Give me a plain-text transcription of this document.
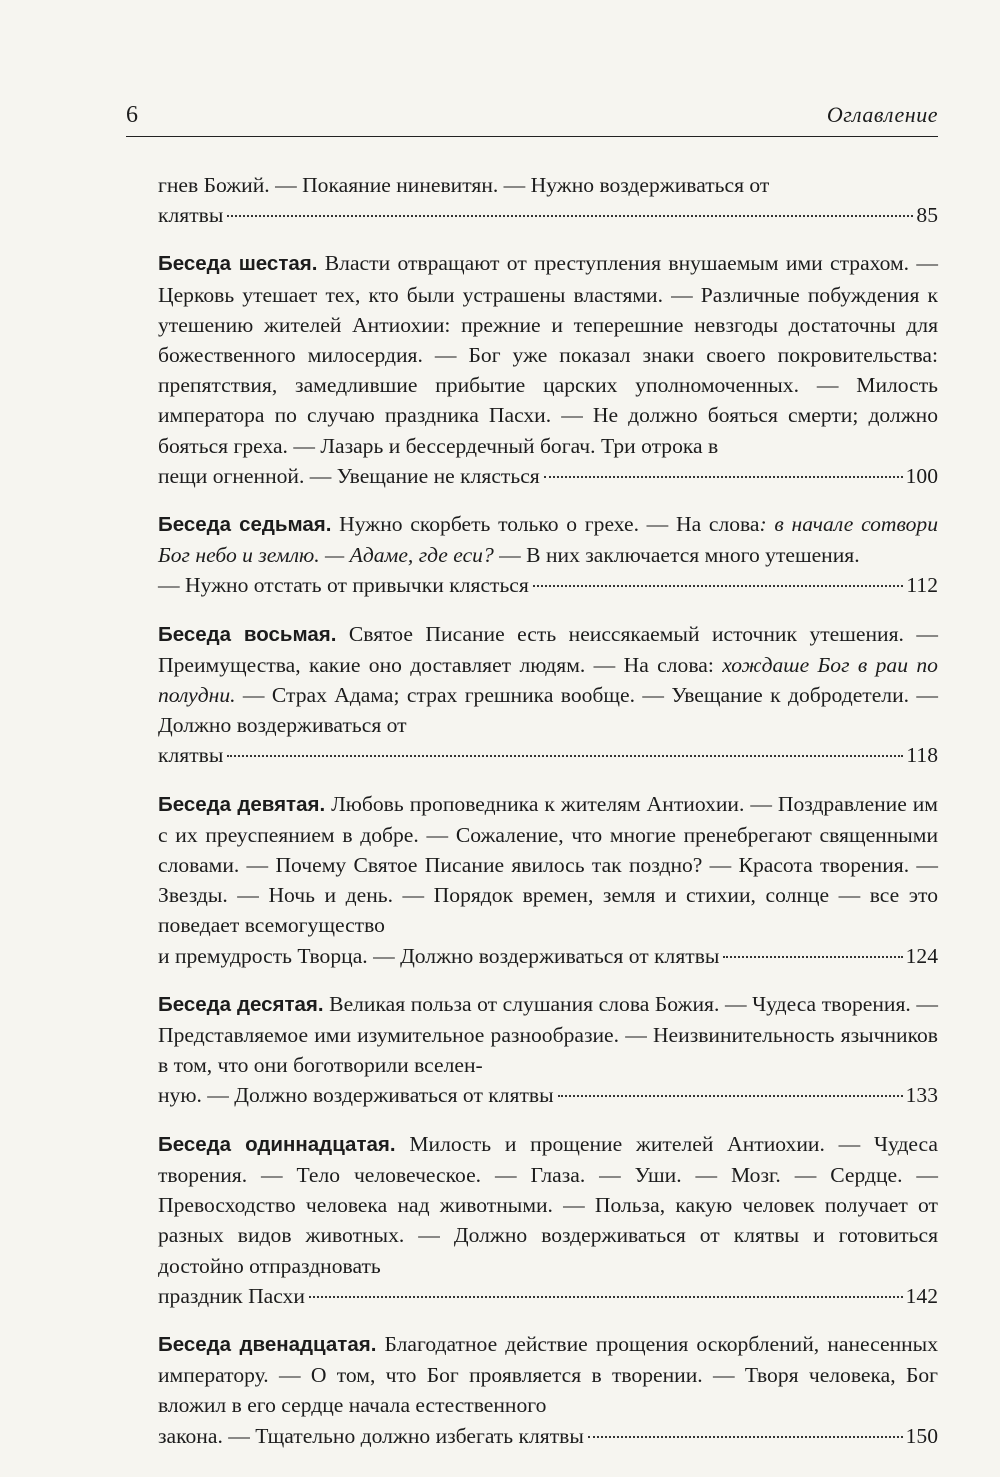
6	Оглавление

гнев Божий. — Покаяние ниневитян. — Нужно воздерживаться от

клятвы	85

Беседа шестая. Власти отвращают от преступления внушаемым ими страхом. — Церковь утешает тех, кто были устрашены властями. — Различные побуждения к утешению жителей Антиохии: прежние и теперешние невзгоды достаточны для божественного милосердия. — Бог уже показал знаки своего покровительства: препятствия, замедлившие прибытие царских уполномоченных. — Милость императора по случаю праздника Пасхи. — Не должно бояться смерти; должно бояться греха. — Лазарь и бессердечный богач. Три отрока в

пещи огненной. — Увещание не клясться	100

Беседа седьмая. Нужно скорбеть только о грехе. — На слова: в начале сотвори Бог небо и землю. — Адаме, где еси? — В них заключается много утешения.

— Нужно отстать от привычки клясться	112

Беседа восьмая. Святое Писание есть неиссякаемый источник утешения. — Преимущества, какие оно доставляет людям. — На слова: хождаше Бог в раи по полудни. — Страх Адама; страх грешника вообще. — Увещание к добродетели. — Должно воздерживаться от

клятвы	118

Беседа девятая. Любовь проповедника к жителям Антиохии. — Поздравление им с их преуспеянием в добре. — Сожаление, что многие пренебрегают священными словами. — Почему Святое Писание явилось так поздно? — Красота творения. — Звезды. — Ночь и день. — Порядок времен, земля и стихии, солнце — все это поведает всемогущество

и премудрость Творца. — Должно воздерживаться от клятвы	124

Беседа десятая. Великая польза от слушания слова Божия. — Чудеса творения. — Представляемое ими изумительное разнообразие. — Неизвинительность язычников в том, что они боготворили вселен-

ную. — Должно воздерживаться от клятвы	133

Беседа одиннадцатая. Милость и прощение жителей Антиохии. — Чудеса творения. — Тело человеческое. — Глаза. — Уши. — Мозг. — Сердце. — Превосходство человека над животными. — Польза, какую человек получает от разных видов животных. — Должно воздерживаться от клятвы и готовиться достойно отпраздновать

праздник Пасхи	142

Беседа двенадцатая. Благодатное действие прощения оскорблений, нанесенных императору. — О том, что Бог проявляется в творении. — Творя человека, Бог вложил в его сердце начала естественного

закона. — Тщательно должно избегать клятвы	150
